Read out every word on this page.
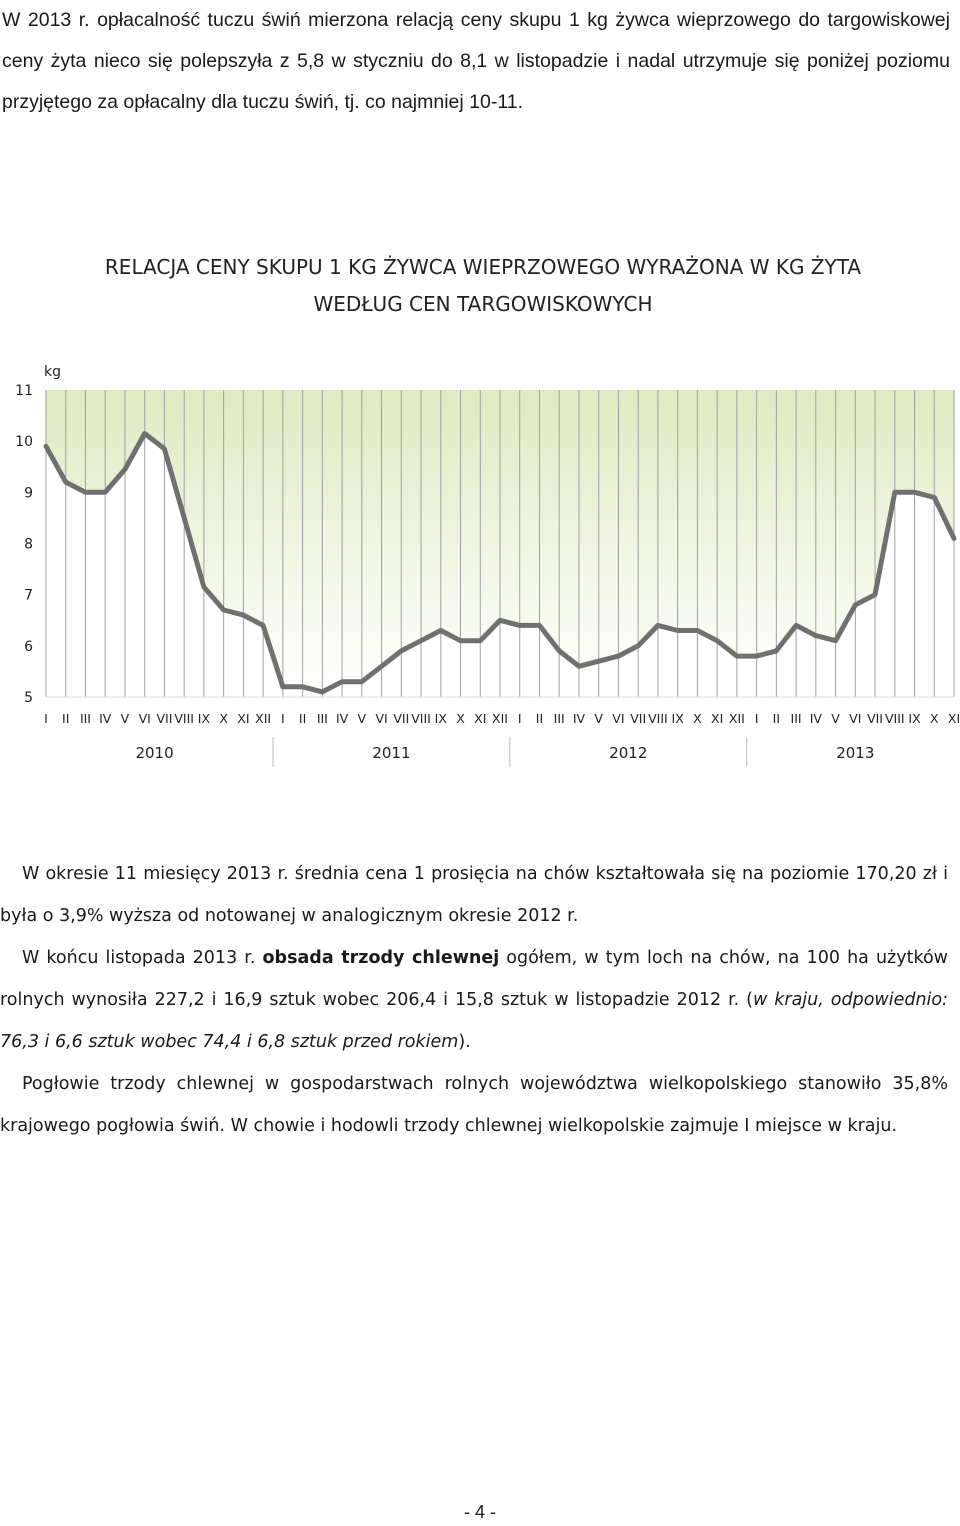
W 2013 r. opłacalność tuczu świń mierzona relacją ceny skupu 1 kg żywca wieprzowego do targowiskowej ceny żyta nieco się polepszyła z 5,8 w styczniu do 8,1 w listopadzie i nadal utrzymuje się poniżej poziomu przyjętego za opłacalny dla tuczu świń, tj. co najmniej 10-11.

RELACJA CENY SKUPU 1 KG ŻYWCA WIEPRZOWEGO WYRAŻONA W KG ŻYTA
WEDŁUG CEN TARGOWISKOWYCH
kg
5
6
7
8
9
10
11
I II III IV V VI VII VIII IX X XI XII I II III IV V VI VII VIII IX X XI XII I II III IV V VI VII VIII IX X XI XII I II III IV V VI VII VIII IX X XI
2010	2011	2012	2013

W okresie 11 miesięcy 2013 r. średnia cena 1 prosięcia na chów kształtowała się na poziomie 170,20 zł i była o 3,9% wyższa od notowanej w analogicznym okresie 2012 r.

W końcu listopada 2013 r. obsada trzody chlewnej ogółem, w tym loch na chów, na 100 ha użytków rolnych wynosiła 227,2 i 16,9 sztuk wobec 206,4 i 15,8 sztuk w listopadzie 2012 r. (w kraju, odpowiednio: 76,3 i 6,6 sztuk wobec 74,4 i 6,8 sztuk przed rokiem).

Pogłowie trzody chlewnej w gospodarstwach rolnych województwa wielkopolskiego stanowiło 35,8% krajowego pogłowia świń. W chowie i hodowli trzody chlewnej wielkopolskie zajmuje I miejsce w kraju.

- 4 -
